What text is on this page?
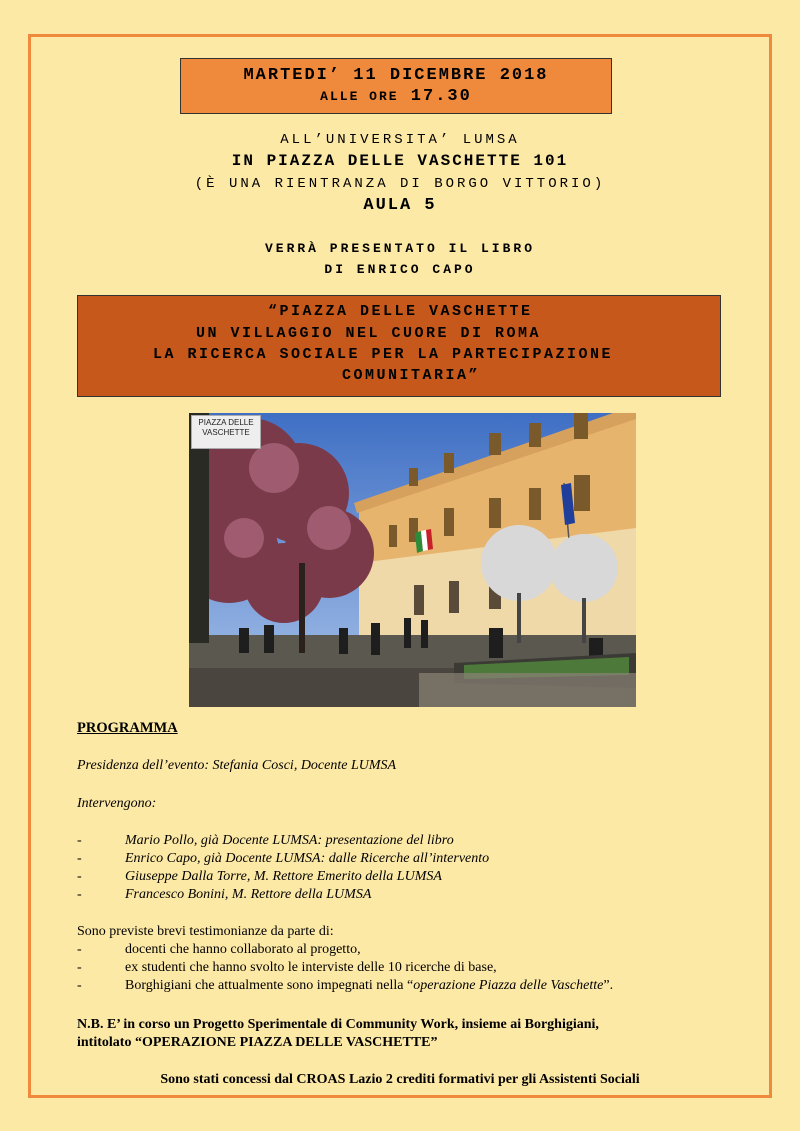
MARTEDI’ 11 DICEMBRE 2018
ALLE ORE 17.30
ALL’UNIVERSITA’ LUMSA
IN PIAZZA DELLE VASCHETTE 101
(È UNA RIENTRANZA DI BORGO VITTORIO)
AULA 5
VERRÀ PRESENTATO IL LIBRO
DI ENRICO CAPO
“PIAZZA DELLE VASCHETTE
UN VILLAGGIO NEL CUORE DI ROMA
LA RICERCA SOCIALE PER LA PARTECIPAZIONE
COMUNITARIA”
PIAZZA DELLE VASCHETTE
PROGRAMMA
Presidenza dell’evento: Stefania Cosci, Docente LUMSA
Intervengono:
-	Mario Pollo, già Docente LUMSA: presentazione del libro
-	Enrico Capo, già Docente LUMSA: dalle Ricerche all’intervento
-	Giuseppe Dalla Torre, M. Rettore Emerito della LUMSA
-	Francesco Bonini, M. Rettore della LUMSA
Sono previste brevi testimonianze da parte di:
-	docenti che hanno collaborato al progetto,
-	ex studenti che hanno svolto le interviste delle 10 ricerche di base,
-	Borghigiani che attualmente sono impegnati nella “operazione Piazza delle Vaschette”.
N.B. E’ in corso un Progetto Sperimentale di Community Work, insieme ai Borghigiani,
intitolato “OPERAZIONE PIAZZA DELLE VASCHETTE”
Sono stati concessi dal CROAS Lazio 2 crediti formativi per gli Assistenti Sociali
